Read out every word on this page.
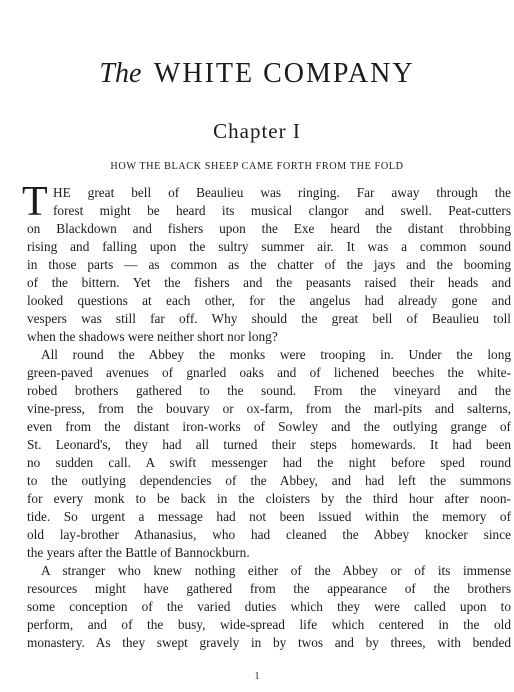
The WHITE COMPANY
Chapter I
HOW THE BLACK SHEEP CAME FORTH FROM THE FOLD
T HE great bell of Beaulieu was ringing. Far away through the
forest might be heard its musical clangor and swell. Peat-cutters
on Blackdown and fishers upon the Exe heard the distant throbbing
rising and falling upon the sultry summer air. It was a common sound
in those parts — as common as the chatter of the jays and the booming
of the bittern. Yet the fishers and the peasants raised their heads and
looked questions at each other, for the angelus had already gone and
vespers was still far off. Why should the great bell of Beaulieu toll
when the shadows were neither short nor long?
All round the Abbey the monks were trooping in. Under the long
green-paved avenues of gnarled oaks and of lichened beeches the white-
robed brothers gathered to the sound. From the vineyard and the
vine-press, from the bouvary or ox-farm, from the marl-pits and salterns,
even from the distant iron-works of Sowley and the outlying grange of
St. Leonard's, they had all turned their steps homewards. It had been
no sudden call. A swift messenger had the night before sped round
to the outlying dependencies of the Abbey, and had left the summons
for every monk to be back in the cloisters by the third hour after noon-
tide. So urgent a message had not been issued within the memory of
old lay-brother Athanasius, who had cleaned the Abbey knocker since
the years after the Battle of Bannockburn.
A stranger who knew nothing either of the Abbey or of its immense
resources might have gathered from the appearance of the brothers
some conception of the varied duties which they were called upon to
perform, and of the busy, wide-spread life which centered in the old
monastery. As they swept gravely in by twos and by threes, with bended
1
